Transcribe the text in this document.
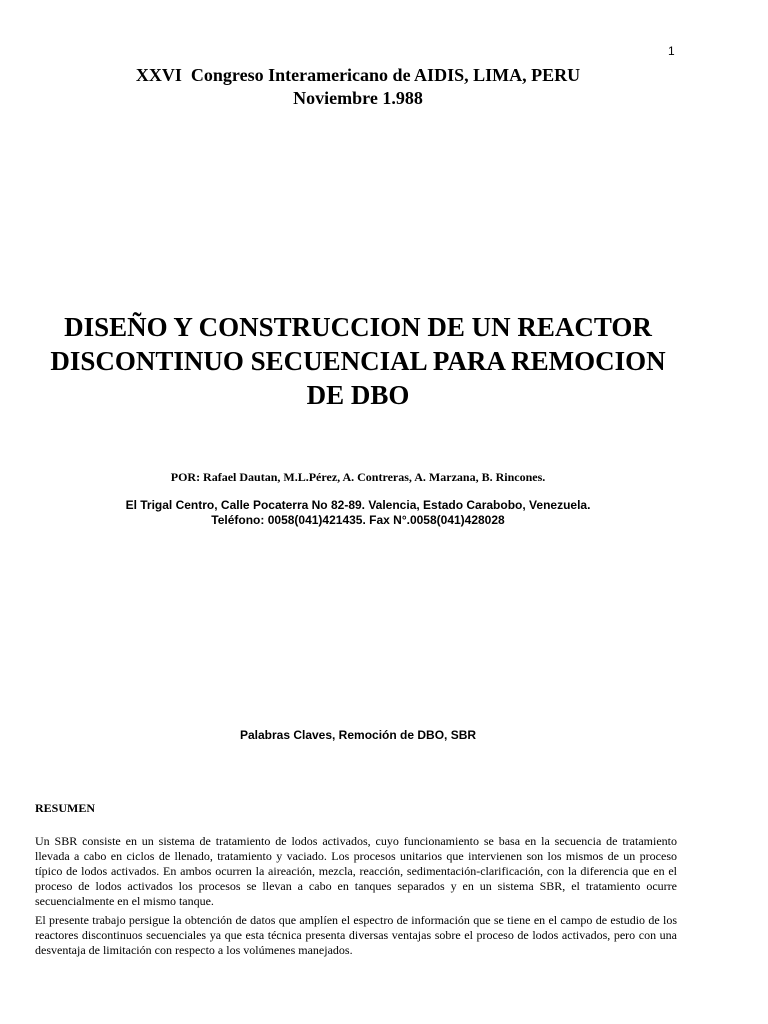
1
XXVI  Congreso Interamericano de AIDIS, LIMA, PERU
Noviembre 1.988
DISEÑO Y CONSTRUCCION DE UN REACTOR
DISCONTINUO SECUENCIAL PARA REMOCION
DE DBO
POR: Rafael Dautan, M.L.Pérez, A. Contreras, A. Marzana, B. Rincones.
El Trigal Centro, Calle Pocaterra No 82-89. Valencia, Estado Carabobo, Venezuela.
Teléfono: 0058(041)421435. Fax N°.0058(041)428028
Palabras Claves, Remoción de DBO, SBR
RESUMEN

Un SBR consiste en un sistema de tratamiento de lodos activados, cuyo funcionamiento se basa en la secuencia de tratamiento llevada a cabo en ciclos de llenado, tratamiento y vaciado. Los procesos unitarios que intervienen son los mismos de un proceso típico de lodos activados. En ambos ocurren la aireación, mezcla, reacción, sedimentación-clarificación, con la diferencia que en el proceso de lodos activados los procesos se llevan a cabo en tanques separados y en un sistema SBR, el tratamiento ocurre secuencialmente en el mismo tanque.

El presente trabajo persigue la obtención de datos que amplíen el espectro de información que se tiene en el campo de estudio de los reactores discontinuos secuenciales ya que esta técnica presenta diversas ventajas sobre el proceso de lodos activados, pero con una desventaja de limitación con respecto a los volúmenes manejados.
